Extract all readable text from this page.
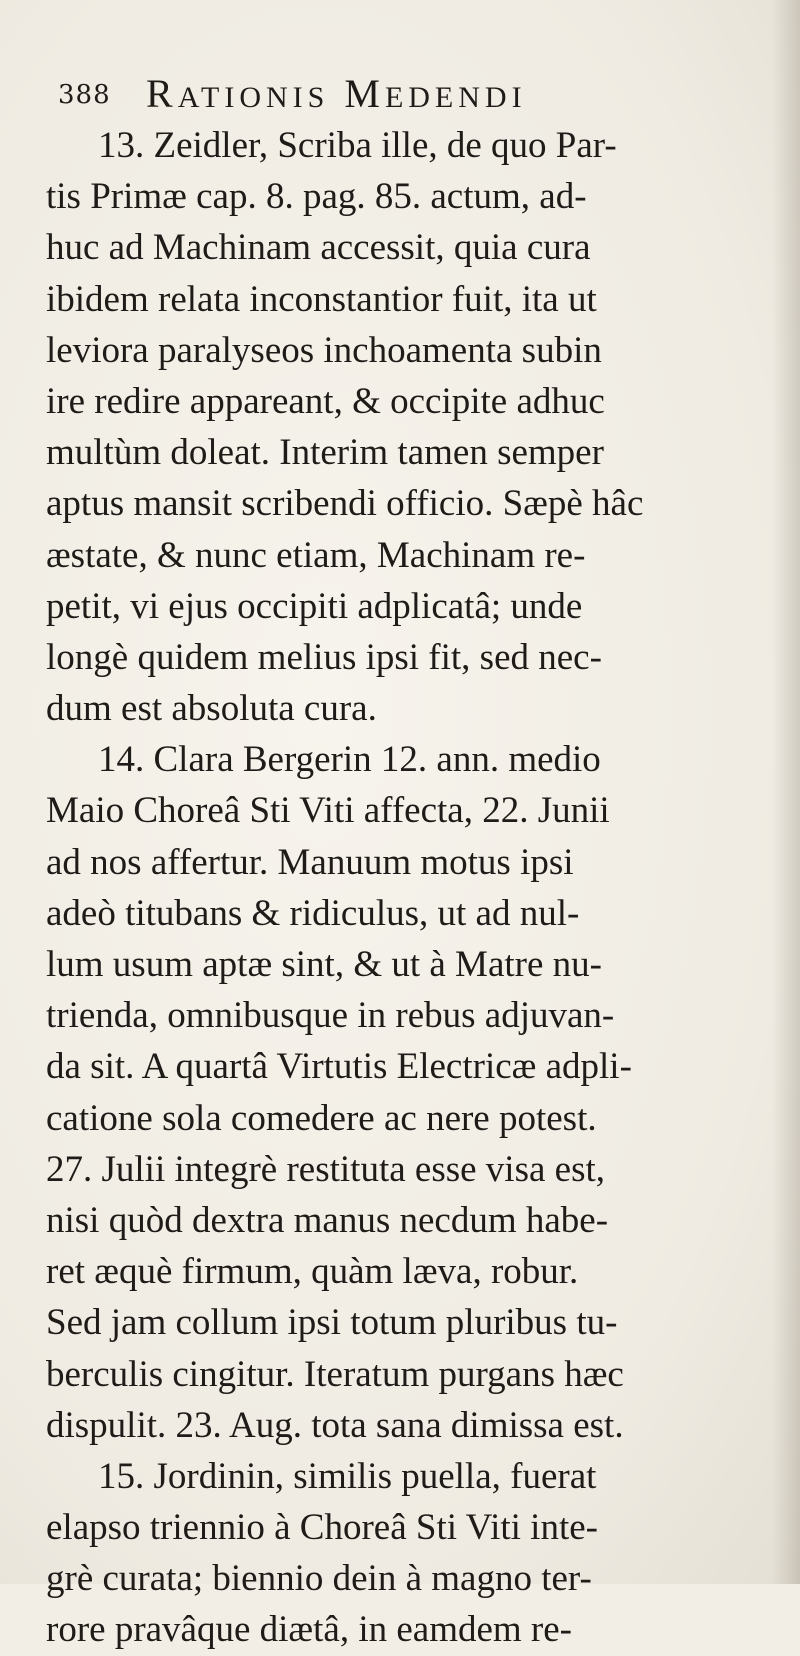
388 RATIONIS MEDENDI
13. Zeidler, Scriba ille, de quo Par-
tis Primæ cap. 8. pag. 85. actum, ad-
huc ad Machinam accessit, quia cura
ibidem relata inconstantior fuit, ita ut
leviora paralyseos inchoamenta subin
ire redire appareant, & occipite adhuc
multùm doleat. Interim tamen semper
aptus mansit scribendi officio. Sæpè hâc
æstate, & nunc etiam, Machinam re-
petit, vi ejus occipiti adplicatâ; unde
longè quidem melius ipsi fit, sed nec-
dum est absoluta cura.
14. Clara Bergerin 12. ann. medio
Maio Choreâ Sti Viti affecta, 22. Junii
ad nos affertur. Manuum motus ipsi
adeò titubans & ridiculus, ut ad nul-
lum usum aptæ sint, & ut à Matre nu-
trienda, omnibusque in rebus adjuvan-
da sit. A quartâ Virtutis Electricæ adpli-
catione sola comedere ac nere potest.
27. Julii integrè restituta esse visa est,
nisi quòd dextra manus necdum habe-
ret æquè firmum, quàm læva, robur.
Sed jam collum ipsi totum pluribus tu-
berculis cingitur. Iteratum purgans hæc
dispulit. 23. Aug. tota sana dimissa est.
15. Jordinin, similis puella, fuerat
elapso triennio à Choreâ Sti Viti inte-
grè curata; biennio dein à magno ter-
rore pravâque diætâ, in eamdem re-
